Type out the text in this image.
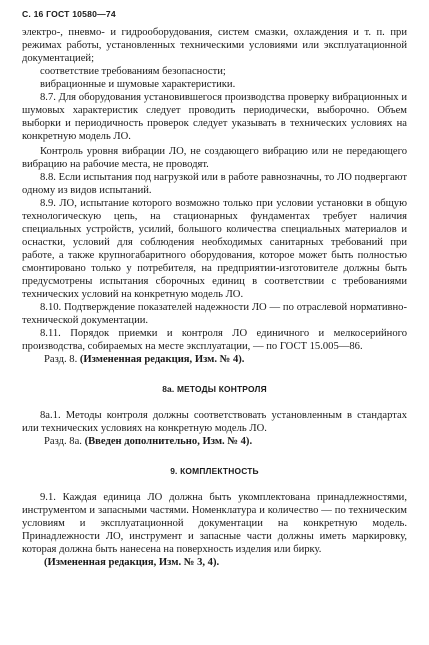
С. 16 ГОСТ 10580—74

электро-, пневмо- и гидрооборудования, систем смазки, охлаждения и т. п. при режимах работы, установленных техническими условиями или эксплуатационной документацией;

соответствие требованиям безопасности;

вибрационные и шумовые характеристики.

8.7. Для оборудования установившегося производства проверку вибрационных и шумовых характеристик следует проводить периодически, выборочно. Объем выборки и периодичность проверок следует указывать в технических условиях на конкретную модель ЛО.

Контроль уровня вибрации ЛО, не создающего вибрацию или не передающего вибрацию на рабочие места, не проводят.

8.8. Если испытания под нагрузкой или в работе равнозначны, то ЛО подвергают одному из видов испытаний.

8.9. ЛО, испытание которого возможно только при условии установки в общую технологическую цепь, на стационарных фундаментах требует наличия специальных устройств, усилий, большого количества специальных материалов и оснастки, условий для соблюдения необходимых санитарных требований при работе, а также крупногабаритного оборудования, которое может быть полностью смонтировано только у потребителя, на предприятии-изготовителе должны быть предусмотрены испытания сборочных единиц в соответствии с требованиями технических условий на конкретную модель ЛО.

8.10. Подтверждение показателей надежности ЛО — по отраслевой нормативно-технической документации.

8.11. Порядок приемки и контроля ЛО единичного и мелкосерийного производства, собираемых на месте эксплуатации, — по ГОСТ 15.005—86.

Разд. 8. (Измененная редакция, Изм. № 4).

8а. МЕТОДЫ КОНТРОЛЯ

8а.1. Методы контроля должны соответствовать установленным в стандартах или технических условиях на конкретную модель ЛО.

Разд. 8а. (Введен дополнительно, Изм. № 4).

9. КОМПЛЕКТНОСТЬ

9.1. Каждая единица ЛО должна быть укомплектована принадлежностями, инструментом и запасными частями. Номенклатура и количество — по техническим условиям и эксплуатационной документации на конкретную модель. Принадлежности ЛО, инструмент и запасные части должны иметь маркировку, которая должна быть нанесена на поверхность изделия или бирку.

(Измененная редакция, Изм. № 3, 4).
